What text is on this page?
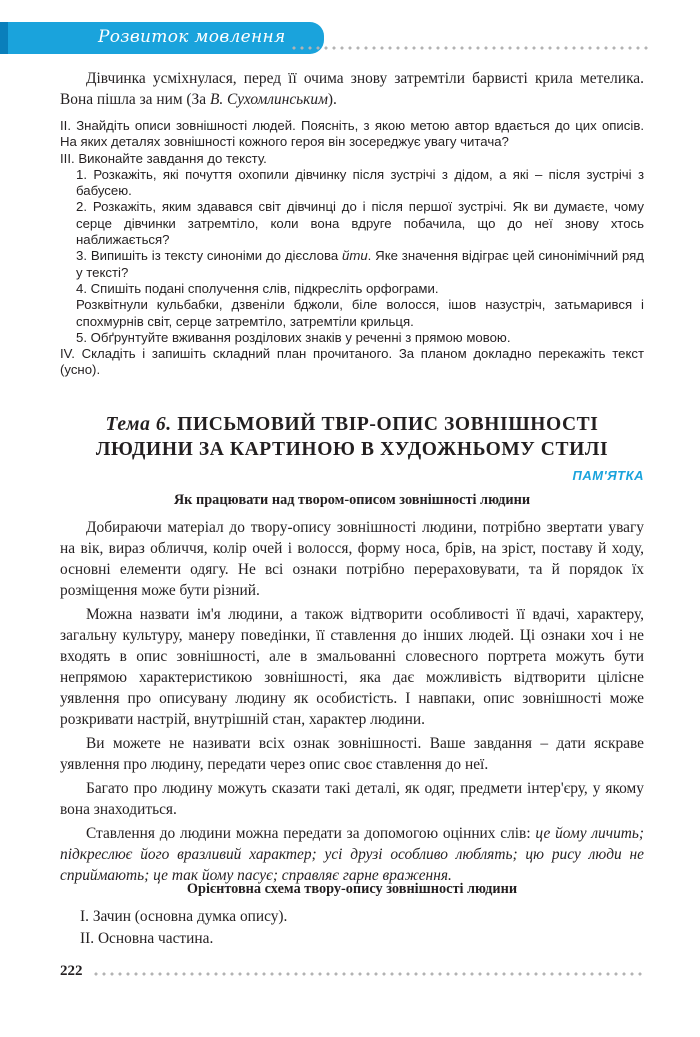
Розвиток мовлення

Дівчинка усміхнулася, перед її очима знову затремтіли барвисті крила метелика. Вона пішла за ним (За В. Сухомлинським).

ІІ. Знайдіть описи зовнішності людей. Поясніть, з якою метою автор вдається до цих описів. На яких деталях зовнішності кожного героя він зосереджує увагу читача?

ІІІ. Виконайте завдання до тексту.

1. Розкажіть, які почуття охопили дівчинку після зустрічі з дідом, а які – після зустрічі з бабусею.

2. Розкажіть, яким здавався світ дівчинці до і після першої зустрічі. Як ви думаєте, чому серце дівчинки затремтіло, коли вона вдруге побачила, що до неї знову хтось наближається?

3. Випишіть із тексту синоніми до дієслова йти. Яке значення відіграє цей синонімічний ряд у тексті?

4. Спишіть подані сполучення слів, підкресліть орфограми.

Розквітнули кульбабки, дзвеніли бджоли, біле волосся, ішов назустріч, затьмарився і спохмурнів світ, серце затремтіло, затремтіли крильця.

5. Обґрунтуйте вживання розділових знаків у реченні з прямою мовою.

IV. Складіть і запишіть складний план прочитаного. За планом докладно перекажіть текст (усно).

Тема 6. ПИСЬМОВИЙ ТВІР-ОПИС ЗОВНІШНОСТІ
ЛЮДИНИ ЗА КАРТИНОЮ В ХУДОЖНЬОМУ СТИЛІ
ПАМ'ЯТКА
Як працювати над твором-описом зовнішності людини

Добираючи матеріал до твору-опису зовнішності людини, потрібно звертати увагу на вік, вираз обличчя, колір очей і волосся, форму носа, брів, на зріст, поставу й ходу, основні елементи одягу. Не всі ознаки потрібно перераховувати, та й порядок їх розміщення може бути різний.

Можна назвати ім'я людини, а також відтворити особливості її вдачі, характеру, загальну культуру, манеру поведінки, її ставлення до інших людей. Ці ознаки хоч і не входять в опис зовнішності, але в змальованні словесного портрета можуть бути непрямою характеристикою зовнішності, яка дає можливість відтворити цілісне уявлення про описувану людину як особистість. І навпаки, опис зовнішності може розкривати настрій, внутрішній стан, характер людини.

Ви можете не називати всіх ознак зовнішності. Ваше завдання – дати яскраве уявлення про людину, передати через опис своє ставлення до неї.

Багато про людину можуть сказати такі деталі, як одяг, предмети інтер'єру, у якому вона знаходиться.

Ставлення до людини можна передати за допомогою оцінних слів: це йому личить; підкреслює його вразливий характер; усі друзі особливо люблять; цю рису люди не сприймають; це так йому пасує; справляє гарне враження.

Орієнтовна схема твору-опису зовнішності людини
І. Зачин (основна думка опису).
ІІ. Основна частина.
222
